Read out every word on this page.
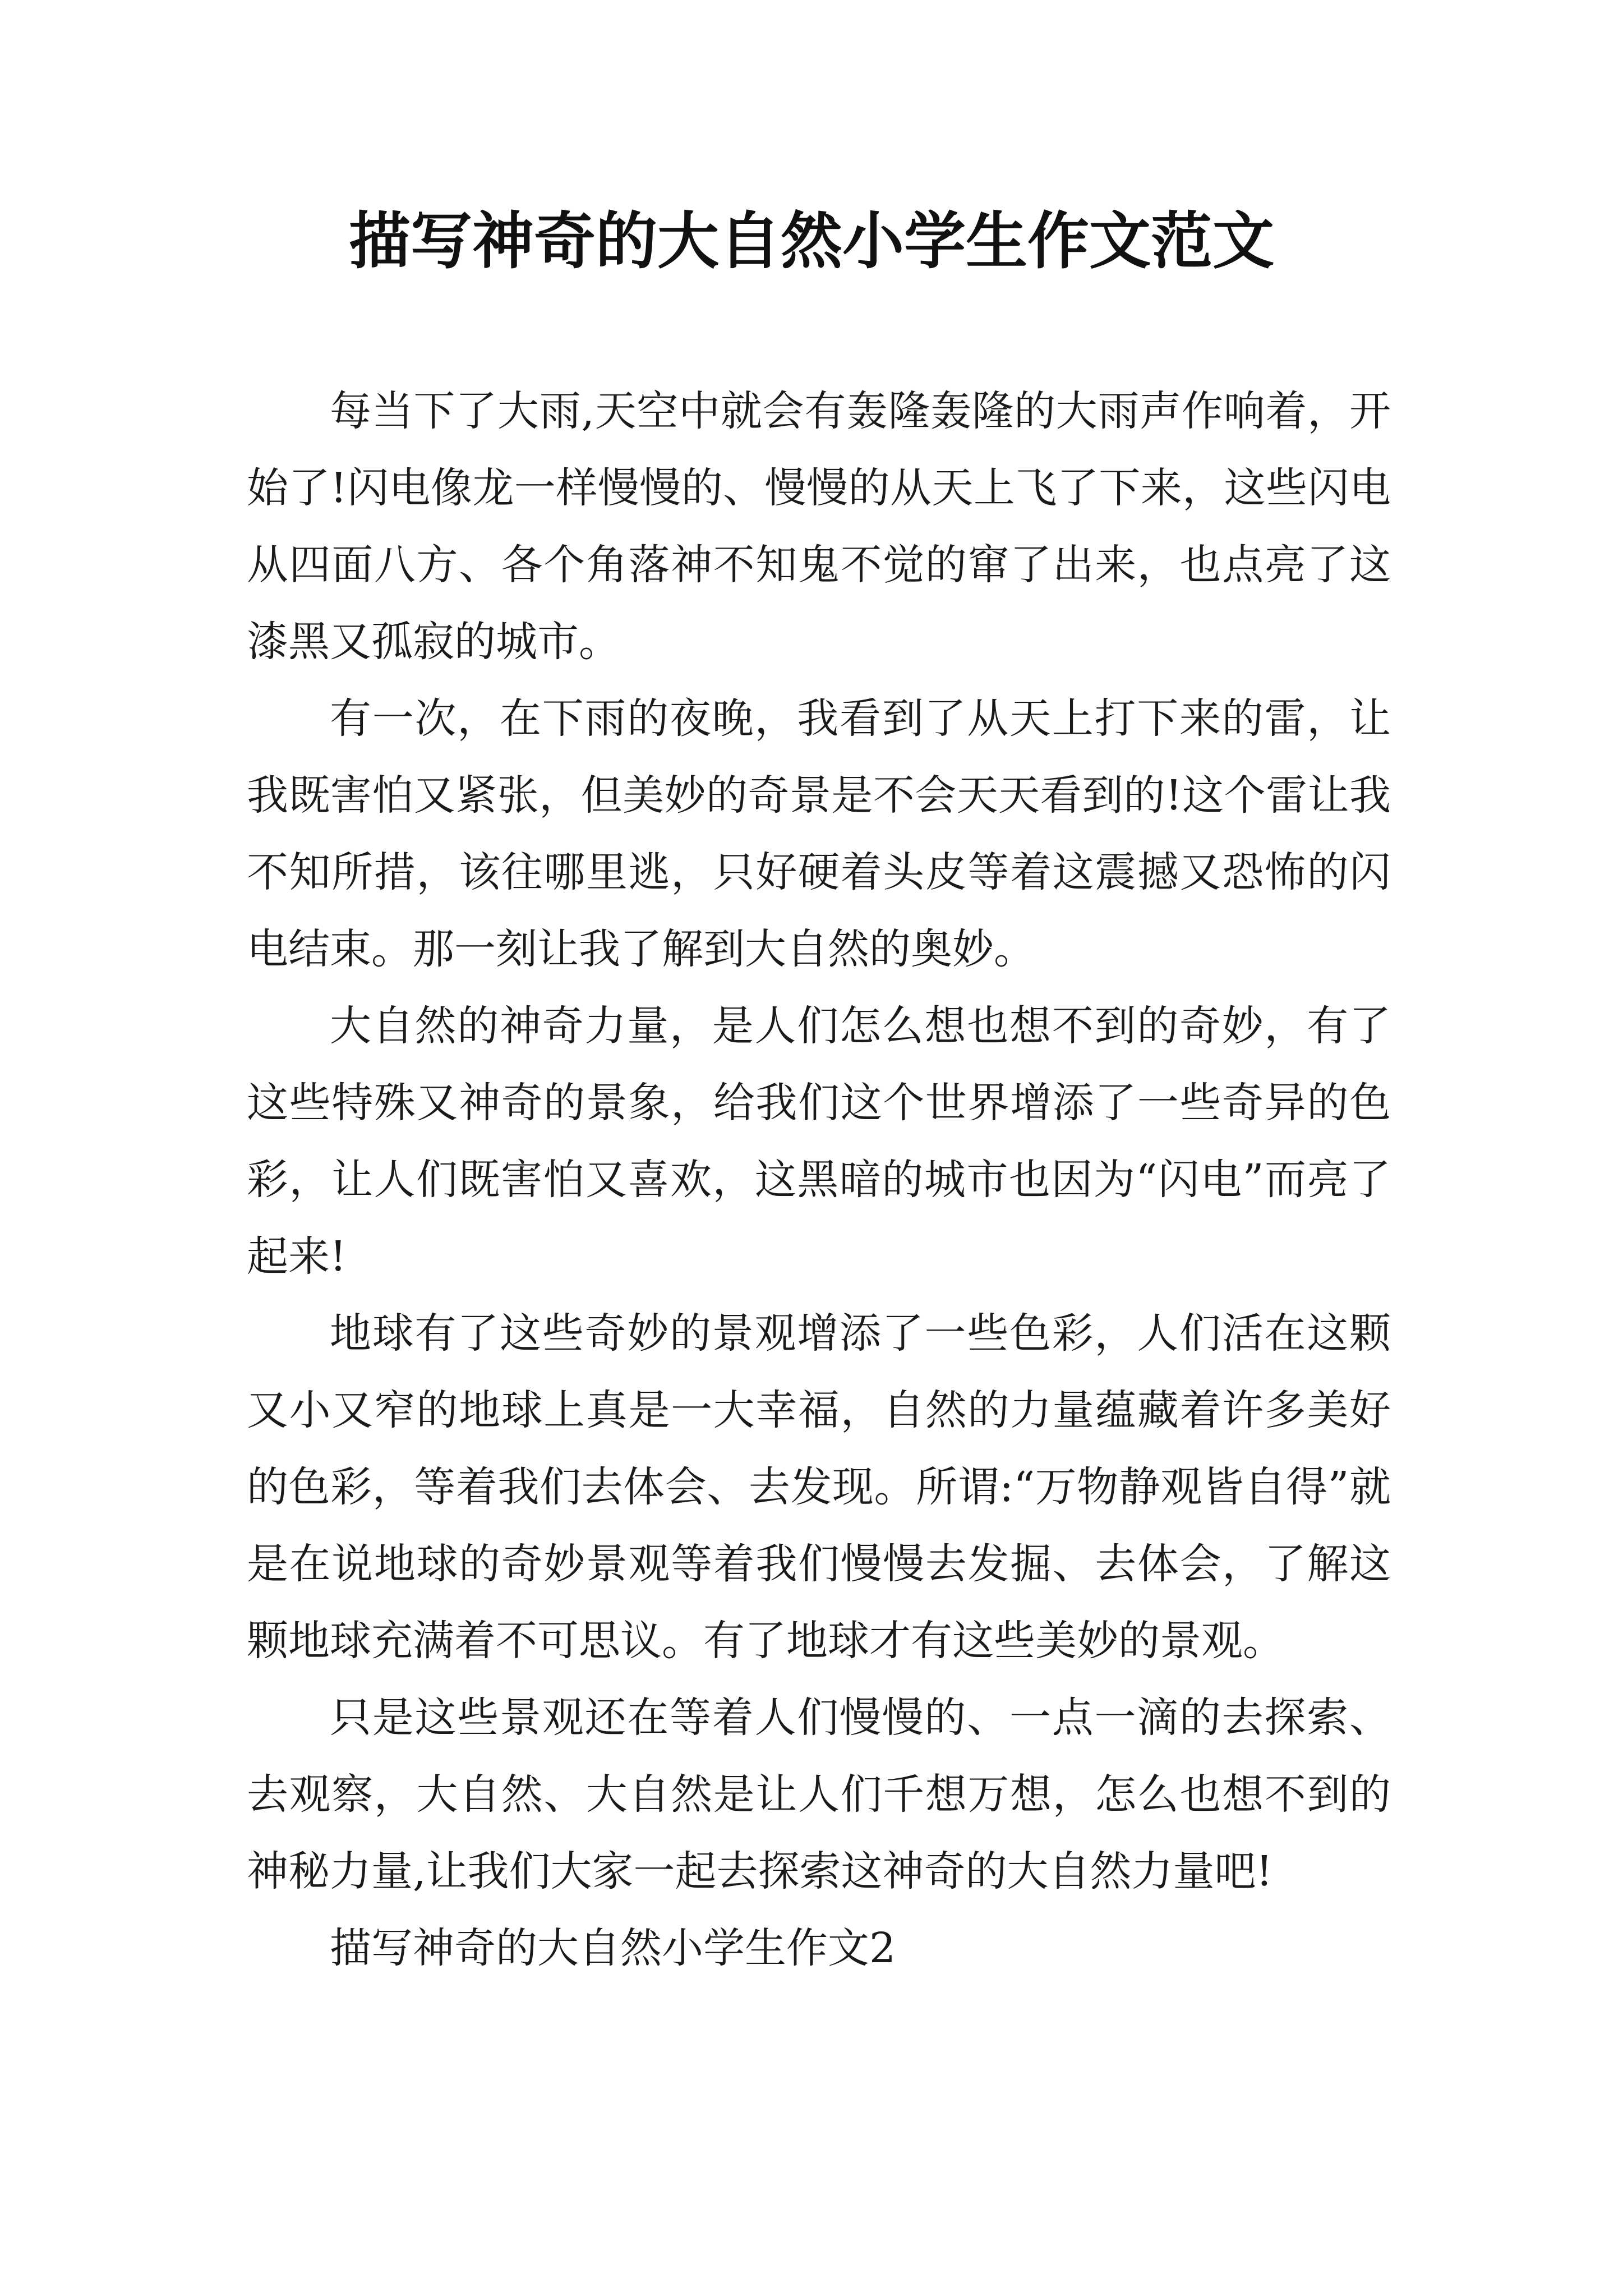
描写神奇的大自然小学生作文范文

每当下了大雨,天空中就会有轰隆轰隆的大雨声作响着，开始了!闪电像龙一样慢慢的、慢慢的从天上飞了下来，这些闪电从四面八方、各个角落神不知鬼不觉的窜了出来，也点亮了这漆黑又孤寂的城市。

有一次，在下雨的夜晚，我看到了从天上打下来的雷，让我既害怕又紧张，但美妙的奇景是不会天天看到的!这个雷让我不知所措，该往哪里逃，只好硬着头皮等着这震撼又恐怖的闪电结束。那一刻让我了解到大自然的奥妙。

大自然的神奇力量，是人们怎么想也想不到的奇妙，有了这些特殊又神奇的景象，给我们这个世界增添了一些奇异的色彩，让人们既害怕又喜欢，这黑暗的城市也因为“闪电”而亮了起来!

地球有了这些奇妙的景观增添了一些色彩，人们活在这颗又小又窄的地球上真是一大幸福，自然的力量蕴藏着许多美好的色彩，等着我们去体会、去发现。所谓:“万物静观皆自得”就是在说地球的奇妙景观等着我们慢慢去发掘、去体会，了解这颗地球充满着不可思议。有了地球才有这些美妙的景观。

只是这些景观还在等着人们慢慢的、一点一滴的去探索、去观察，大自然、大自然是让人们千想万想，怎么也想不到的神秘力量,让我们大家一起去探索这神奇的大自然力量吧!

描写神奇的大自然小学生作文2
